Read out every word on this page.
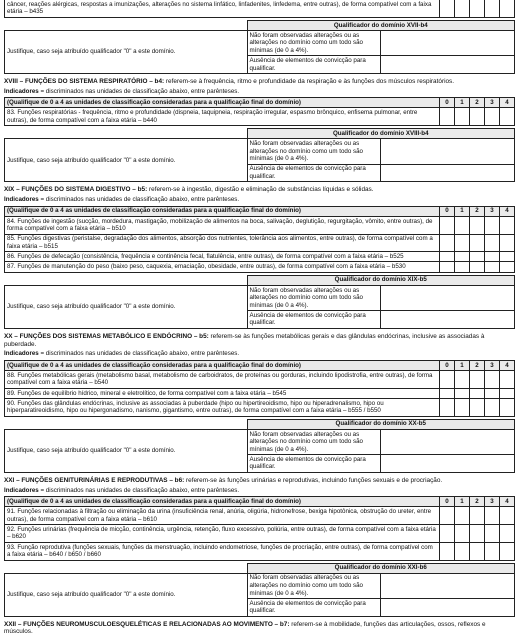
câncer, reações alérgicas, respostas a imunizações, alterações no sistema linfático, linfadenites, linfedema, entre outras), de forma compatível com a faixa etária – b435					
	Qualificador do domínio XVII-b4	
Justifique, caso seja atribuído qualificador "0" a este domínio.	Não foram observadas alterações ou as alterações no domínio como um todo são mínimas (de 0 a 4%).	
	Ausência de elementos de convicção para qualificar.	
XVIII – FUNÇÕES DO SISTEMA RESPIRATÓRIO – b4: referem-se à frequência, ritmo e profundidade da respiração e às funções dos músculos respiratórios.
Indicadores = discriminados nas unidades de classificação abaixo, entre parênteses.
(Qualifique de 0 a 4 as unidades de classificação consideradas para a qualificação final do domínio)	0	1	2	3	4
83. Funções respiratórias - frequência, ritmo e profundidade (dispneia, taquipneia, respiração irregular, espasmo brônquico, enfisema pulmonar, entre outras), de forma compatível com a faixa etária – b440					
	Qualificador do domínio XVIII-b4	
Justifique, caso seja atribuído qualificador "0" a este domínio.	Não foram observadas alterações ou as alterações no domínio como um todo são mínimas (de 0 a 4%).	
	Ausência de elementos de convicção para qualificar.	
XIX – FUNÇÕES DO SISTEMA DIGESTIVO – b5: referem-se à ingestão, digestão e eliminação de substâncias líquidas e sólidas.
Indicadores = discriminados nas unidades de classificação abaixo, entre parênteses.
(Qualifique de 0 a 4 as unidades de classificação consideradas para a qualificação final do domínio)	0	1	2	3	4
84. Funções de ingestão (sucção, mordedura, mastigação, mobilização de alimentos na boca, salivação, deglutição, regurgitação, vômito, entre outras), de forma compatível com a faixa etária – b510					
85. Funções digestivas (peristalse, degradação dos alimentos, absorção dos nutrientes, tolerância aos alimentos, entre outras), de forma compatível com a faixa etária – b515					
86. Funções de defecação (consistência, frequência e continência fecal, flatulência, entre outras), de forma compatível com a faixa etária – b525					
87. Funções de manutenção do peso (baixo peso, caquexia, emaciação, obesidade, entre outras), de forma compatível com a faixa etária – b530					
	Qualificador do domínio XIX-b5	
Justifique, caso seja atribuído qualificador "0" a este domínio.	Não foram observadas alterações ou as alterações no domínio como um todo são mínimas (de 0 a 4%).	
	Ausência de elementos de convicção para qualificar.	
XX – FUNÇÕES DOS SISTEMAS METABÓLICO E ENDÓCRINO – b5: referem-se às funções metabólicas gerais e das glândulas endócrinas, inclusive as associadas à puberdade.
Indicadores = discriminados nas unidades de classificação abaixo, entre parênteses.
(Qualifique de 0 a 4 as unidades de classificação consideradas para a qualificação final do domínio)	0	1	2	3	4
88. Funções metabólicas gerais (metabolismo basal, metabolismo de carboidratos, de proteínas ou gorduras, incluindo lipodistrofia, entre outras), de forma compatível com a faixa etária – b540					
89. Funções de equilíbrio hídrico, mineral e eletrolítico, de forma compatível com a faixa etária – b545					
90. Funções das glândulas endócrinas, inclusive as associadas à puberdade (hipo ou hipertireoidismo, hipo ou hiperadrenalismo, hipo ou hiperparatireoidismo, hipo ou hipergonadismo, nanismo, gigantismo, entre outras), de forma compatível com a faixa etária – b555 / b550					
	Qualificador do domínio XX-b5	
Justifique, caso seja atribuído qualificador "0" a este domínio.	Não foram observadas alterações ou as alterações no domínio como um todo são mínimas (de 0 a 4%).	
	Ausência de elementos de convicção para qualificar.	
XXI – FUNÇÕES GENITURINÁRIAS E REPRODUTIVAS – b6: referem-se às funções urinárias e reprodutivas, incluindo funções sexuais e de procriação.
Indicadores = discriminados nas unidades de classificação abaixo, entre parênteses.
(Qualifique de 0 a 4 as unidades de classificação consideradas para a qualificação final do domínio)	0	1	2	3	4
91. Funções relacionadas à filtração ou eliminação da urina (insuficiência renal, anúria, oligúria, hidronefrose, bexiga hipotônica, obstrução do ureter, entre outras), de forma compatível com a faixa etária – b610					
92. Funções urinárias (frequência de micção, continência, urgência, retenção, fluxo excessivo, poliúria, entre outras), de forma compatível com a faixa etária – b620					
93. Função reprodutiva (funções sexuais, funções da menstruação, incluindo endometriose, funções de procriação, entre outras), de forma compatível com a faixa etária – b640 / b650 / b660					
	Qualificador do domínio XXI-b6	
Justifique, caso seja atribuído qualificador "0" a este domínio.	Não foram observadas alterações ou as alterações no domínio como um todo são mínimas (de 0 a 4%).	
	Ausência de elementos de convicção para qualificar.	
XXII – FUNÇÕES NEUROMUSCULOESQUELÉTICAS E RELACIONADAS AO MOVIMENTO – b7: referem-se à mobilidade, funções das articulações, ossos, reflexos e músculos.
